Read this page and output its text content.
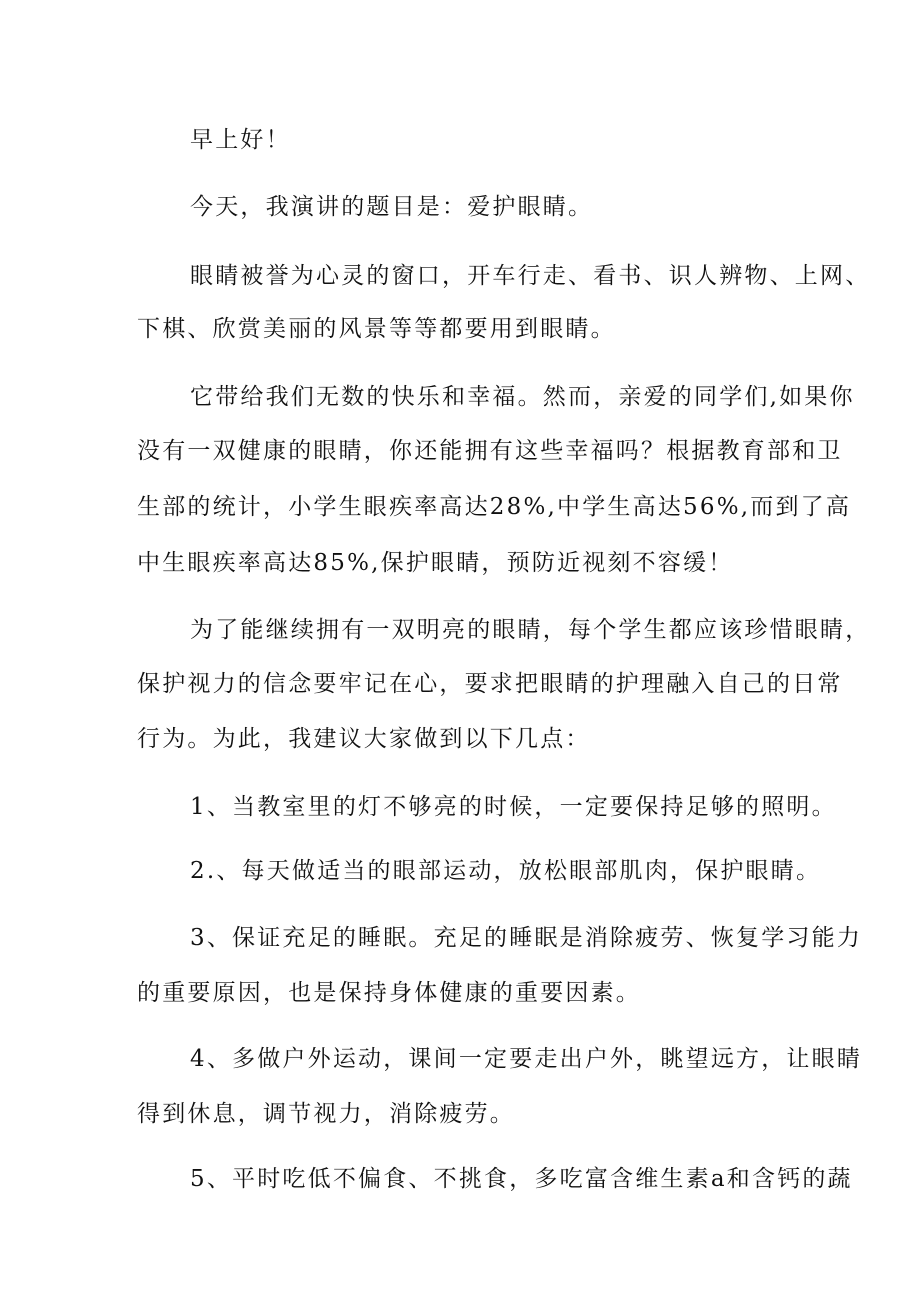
早上好！
今天，我演讲的题目是：爱护眼睛。
眼睛被誉为心灵的窗口，开车行走、看书、识人辨物、上网、
下棋、欣赏美丽的风景等等都要用到眼睛。
它带给我们无数的快乐和幸福。然而，亲爱的同学们,如果你
没有一双健康的眼睛，你还能拥有这些幸福吗？根据教育部和卫
生部的统计，小学生眼疾率高达28%,中学生高达56%,而到了高
中生眼疾率高达85%,保护眼睛，预防近视刻不容缓！
为了能继续拥有一双明亮的眼睛，每个学生都应该珍惜眼睛，
保护视力的信念要牢记在心，要求把眼睛的护理融入自己的日常
行为。为此，我建议大家做到以下几点：
1、当教室里的灯不够亮的时候，一定要保持足够的照明。
2.、每天做适当的眼部运动，放松眼部肌肉，保护眼睛。
3、保证充足的睡眠。充足的睡眠是消除疲劳、恢复学习能力
的重要原因，也是保持身体健康的重要因素。
4、多做户外运动，课间一定要走出户外，眺望远方，让眼睛
得到休息，调节视力，消除疲劳。
5、平时吃低不偏食、不挑食，多吃富含维生素a和含钙的蔬
